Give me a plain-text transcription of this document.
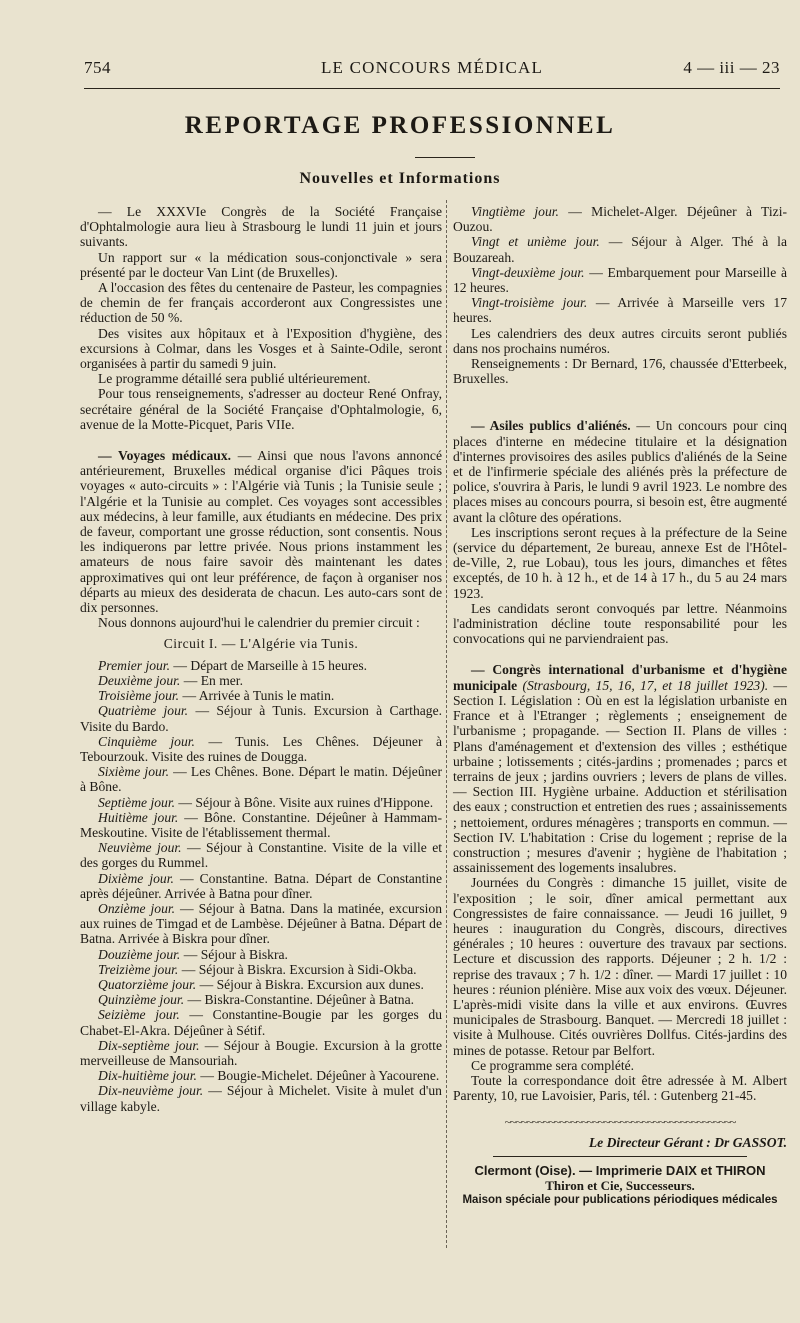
754	LE CONCOURS MÉDICAL	4 — iii — 23
REPORTAGE PROFESSIONNEL
Nouvelles et Informations

— Le XXXVIe Congrès de la Société Française d'Ophtalmologie aura lieu à Strasbourg le lundi 11 juin et jours suivants.

Un rapport sur « la médication sous-conjonctivale » sera présenté par le docteur Van Lint (de Bruxelles).

A l'occasion des fêtes du centenaire de Pasteur, les compagnies de chemin de fer français accorderont aux Congressistes une réduction de 50 %.

Des visites aux hôpitaux et à l'Exposition d'hygiène, des excursions à Colmar, dans les Vosges et à Sainte-Odile, seront organisées à partir du samedi 9 juin.

Le programme détaillé sera publié ultérieurement.

Pour tous renseignements, s'adresser au docteur René Onfray, secrétaire général de la Société Française d'Ophtalmologie, 6, avenue de la Motte-Picquet, Paris VIIe.

— Voyages médicaux. — Ainsi que nous l'avons annoncé antérieurement, Bruxelles médical organise d'ici Pâques trois voyages « auto-circuits » : l'Algérie vià Tunis ; la Tunisie seule ; l'Algérie et la Tunisie au complet. Ces voyages sont accessibles aux médecins, à leur famille, aux étudiants en médecine. Des prix de faveur, comportant une grosse réduction, sont consentis. Nous les indiquerons par lettre privée. Nous prions instamment les amateurs de nous faire savoir dès maintenant les dates approximatives qui ont leur préférence, de façon à organiser nos départs au mieux des desiderata de chacun. Les auto-cars sont de dix personnes.

Nous donnons aujourd'hui le calendrier du premier circuit :

Circuit I. — L'Algérie via Tunis.

Premier jour. — Départ de Marseille à 15 heures.

Deuxième jour. — En mer.

Troisième jour. — Arrivée à Tunis le matin.

Quatrième jour. — Séjour à Tunis. Excursion à Carthage. Visite du Bardo.

Cinquième jour. — Tunis. Les Chênes. Déjeuner à Tebourzouk. Visite des ruines de Dougga.

Sixième jour. — Les Chênes. Bone. Départ le matin. Déjeûner à Bône.

Septième jour. — Séjour à Bône. Visite aux ruines d'Hippone.

Huitième jour. — Bône. Constantine. Déjeûner à Hammam-Meskoutine. Visite de l'établissement thermal.

Neuvième jour. — Séjour à Constantine. Visite de la ville et des gorges du Rummel.

Dixième jour. — Constantine. Batna. Départ de Constantine après déjeûner. Arrivée à Batna pour dîner.

Onzième jour. — Séjour à Batna. Dans la matinée, excursion aux ruines de Timgad et de Lambèse. Déjeûner à Batna. Départ de Batna. Arrivée à Biskra pour dîner.

Douzième jour. — Séjour à Biskra.

Treizième jour. — Séjour à Biskra. Excursion à Sidi-Okba.

Quatorzième jour. — Séjour à Biskra. Excursion aux dunes.

Quinzième jour. — Biskra-Constantine. Déjeûner à Batna.

Seizième jour. — Constantine-Bougie par les gorges du Chabet-El-Akra. Déjeûner à Sétif.

Dix-septième jour. — Séjour à Bougie. Excursion à la grotte merveilleuse de Mansouriah.

Dix-huitième jour. — Bougie-Michelet. Déjeûner à Yacourene.

Dix-neuvième jour. — Séjour à Michelet. Visite à mulet d'un village kabyle.

Vingtième jour. — Michelet-Alger. Déjeûner à Tizi-Ouzou.

Vingt et unième jour. — Séjour à Alger. Thé à la Bouzareah.

Vingt-deuxième jour. — Embarquement pour Marseille à 12 heures.

Vingt-troisième jour. — Arrivée à Marseille vers 17 heures.

Les calendriers des deux autres circuits seront publiés dans nos prochains numéros.

Renseignements : Dr Bernard, 176, chaussée d'Etterbeek, Bruxelles.

— Asiles publics d'aliénés. — Un concours pour cinq places d'interne en médecine titulaire et la désignation d'internes provisoires des asiles publics d'aliénés de la Seine et de l'infirmerie spéciale des aliénés près la préfecture de police, s'ouvrira à Paris, le lundi 9 avril 1923. Le nombre des places mises au concours pourra, si besoin est, être augmenté avant la clôture des opérations.

Les inscriptions seront reçues à la préfecture de la Seine (service du département, 2e bureau, annexe Est de l'Hôtel-de-Ville, 2, rue Lobau), tous les jours, dimanches et fêtes exceptés, de 10 h. à 12 h., et de 14 à 17 h., du 5 au 24 mars 1923.

Les candidats seront convoqués par lettre. Néanmoins l'administration décline toute responsabilité pour les convocations qui ne parviendraient pas.

— Congrès international d'urbanisme et d'hygiène municipale (Strasbourg, 15, 16, 17, et 18 juillet 1923). — Section I. Législation : Où en est la législation urbaniste en France et à l'Etranger ; règlements ; enseignement de l'urbanisme ; propagande. — Section II. Plans de villes : Plans d'aménagement et d'extension des villes ; esthétique urbaine ; lotissements ; cités-jardins ; promenades ; parcs et terrains de jeux ; jardins ouvriers ; levers de plans de villes. — Section III. Hygiène urbaine. Adduction et stérilisation des eaux ; construction et entretien des rues ; assainissements ; nettoiement, ordures ménagères ; transports en commun. — Section IV. L'habitation : Crise du logement ; reprise de la construction ; mesures d'avenir ; hygiène de l'habitation ; assainissement des logements insalubres.

Journées du Congrès : dimanche 15 juillet, visite de l'exposition ; le soir, dîner amical permettant aux Congressistes de faire connaissance. — Jeudi 16 juillet, 9 heures : inauguration du Congrès, discours, directives générales ; 10 heures : ouverture des travaux par sections. Lecture et discussion des rapports. Déjeuner ; 2 h. 1/2 : reprise des travaux ; 7 h. 1/2 : dîner. — Mardi 17 juillet : 10 heures : réunion plénière. Mise aux voix des vœux. Déjeuner. L'après-midi visite dans la ville et aux environs. Œuvres municipales de Strasbourg. Banquet. — Mercredi 18 juillet : visite à Mulhouse. Cités ouvrières Dollfus. Cités-jardins des mines de potasse. Retour par Belfort.

Ce programme sera complété.

Toute la correspondance doit être adressée à M. Albert Parenty, 10, rue Lavoisier, Paris, tél. : Gutenberg 21-45.

~~~~~~~~~~~~~~~~~~~~~~~~~~~~~~~~~~~~~~~~~~
Le Directeur Gérant : Dr GASSOT.
Clermont (Oise). — Imprimerie DAIX et THIRON
Thiron et Cie, Successeurs.
Maison spéciale pour publications périodiques médicales
